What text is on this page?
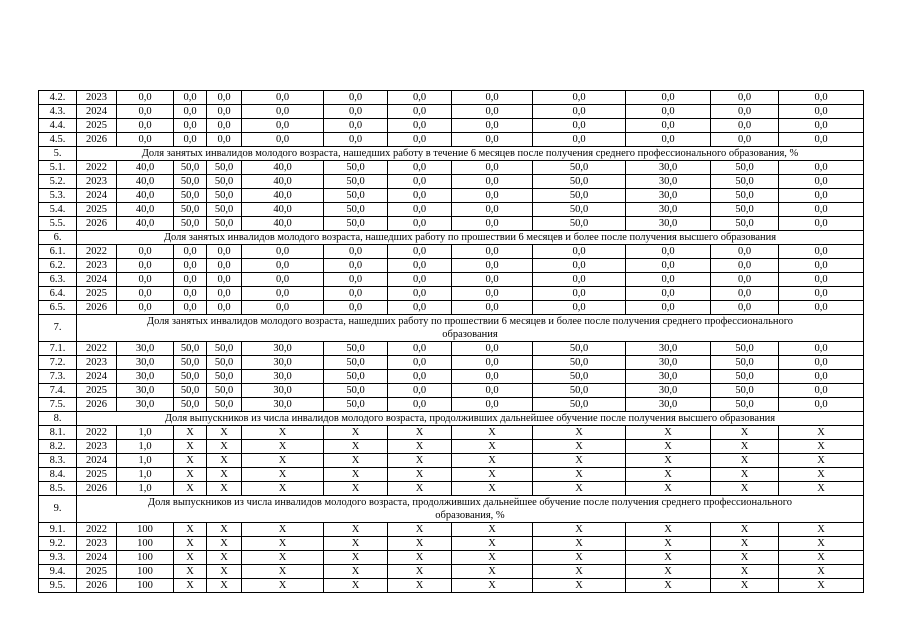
4.2.	2023	0,0	0,0	0,0	0,0	0,0	0,0	0,0	0,0	0,0	0,0	0,0
4.3.	2024	0,0	0,0	0,0	0,0	0,0	0,0	0,0	0,0	0,0	0,0	0,0
4.4.	2025	0,0	0,0	0,0	0,0	0,0	0,0	0,0	0,0	0,0	0,0	0,0
4.5.	2026	0,0	0,0	0,0	0,0	0,0	0,0	0,0	0,0	0,0	0,0	0,0
5.	Доля занятых инвалидов молодого возраста, нашедших работу в течение 6 месяцев после получения среднего профессионального образования, %											
5.1.	2022	40,0	50,0	50,0	40,0	50,0	0,0	0,0	50,0	30,0	50,0	0,0
5.2.	2023	40,0	50,0	50,0	40,0	50,0	0,0	0,0	50,0	30,0	50,0	0,0
5.3.	2024	40,0	50,0	50,0	40,0	50,0	0,0	0,0	50,0	30,0	50,0	0,0
5.4.	2025	40,0	50,0	50,0	40,0	50,0	0,0	0,0	50,0	30,0	50,0	0,0
5.5.	2026	40,0	50,0	50,0	40,0	50,0	0,0	0,0	50,0	30,0	50,0	0,0
6.	Доля занятых инвалидов молодого возраста, нашедших работу по прошествии 6 месяцев и более после получения высшего образования											
6.1.	2022	0,0	0,0	0,0	0,0	0,0	0,0	0,0	0,0	0,0	0,0	0,0
6.2.	2023	0,0	0,0	0,0	0,0	0,0	0,0	0,0	0,0	0,0	0,0	0,0
6.3.	2024	0,0	0,0	0,0	0,0	0,0	0,0	0,0	0,0	0,0	0,0	0,0
6.4.	2025	0,0	0,0	0,0	0,0	0,0	0,0	0,0	0,0	0,0	0,0	0,0
6.5.	2026	0,0	0,0	0,0	0,0	0,0	0,0	0,0	0,0	0,0	0,0	0,0
7.	Доля занятых инвалидов молодого возраста, нашедших работу по прошествии 6 месяцев и более после получения среднего профессионального образования											
7.1.	2022	30,0	50,0	50,0	30,0	50,0	0,0	0,0	50,0	30,0	50,0	0,0
7.2.	2023	30,0	50,0	50,0	30,0	50,0	0,0	0,0	50,0	30,0	50,0	0,0
7.3.	2024	30,0	50,0	50,0	30,0	50,0	0,0	0,0	50,0	30,0	50,0	0,0
7.4.	2025	30,0	50,0	50,0	30,0	50,0	0,0	0,0	50,0	30,0	50,0	0,0
7.5.	2026	30,0	50,0	50,0	30,0	50,0	0,0	0,0	50,0	30,0	50,0	0,0
8.	Доля выпускников из числа инвалидов молодого возраста, продолживших дальнейшее обучение после получения высшего образования											
8.1.	2022	1,0	X	X	X	X	X	X	X	X	X	X
8.2.	2023	1,0	X	X	X	X	X	X	X	X	X	X
8.3.	2024	1,0	X	X	X	X	X	X	X	X	X	X
8.4.	2025	1,0	X	X	X	X	X	X	X	X	X	X
8.5.	2026	1,0	X	X	X	X	X	X	X	X	X	X
9.	Доля выпускников из числа инвалидов молодого возраста, продолживших дальнейшее обучение после получения среднего профессионального образования, %											
9.1.	2022	100	X	X	X	X	X	X	X	X	X	X
9.2.	2023	100	X	X	X	X	X	X	X	X	X	X
9.3.	2024	100	X	X	X	X	X	X	X	X	X	X
9.4.	2025	100	X	X	X	X	X	X	X	X	X	X
9.5.	2026	100	X	X	X	X	X	X	X	X	X	X
